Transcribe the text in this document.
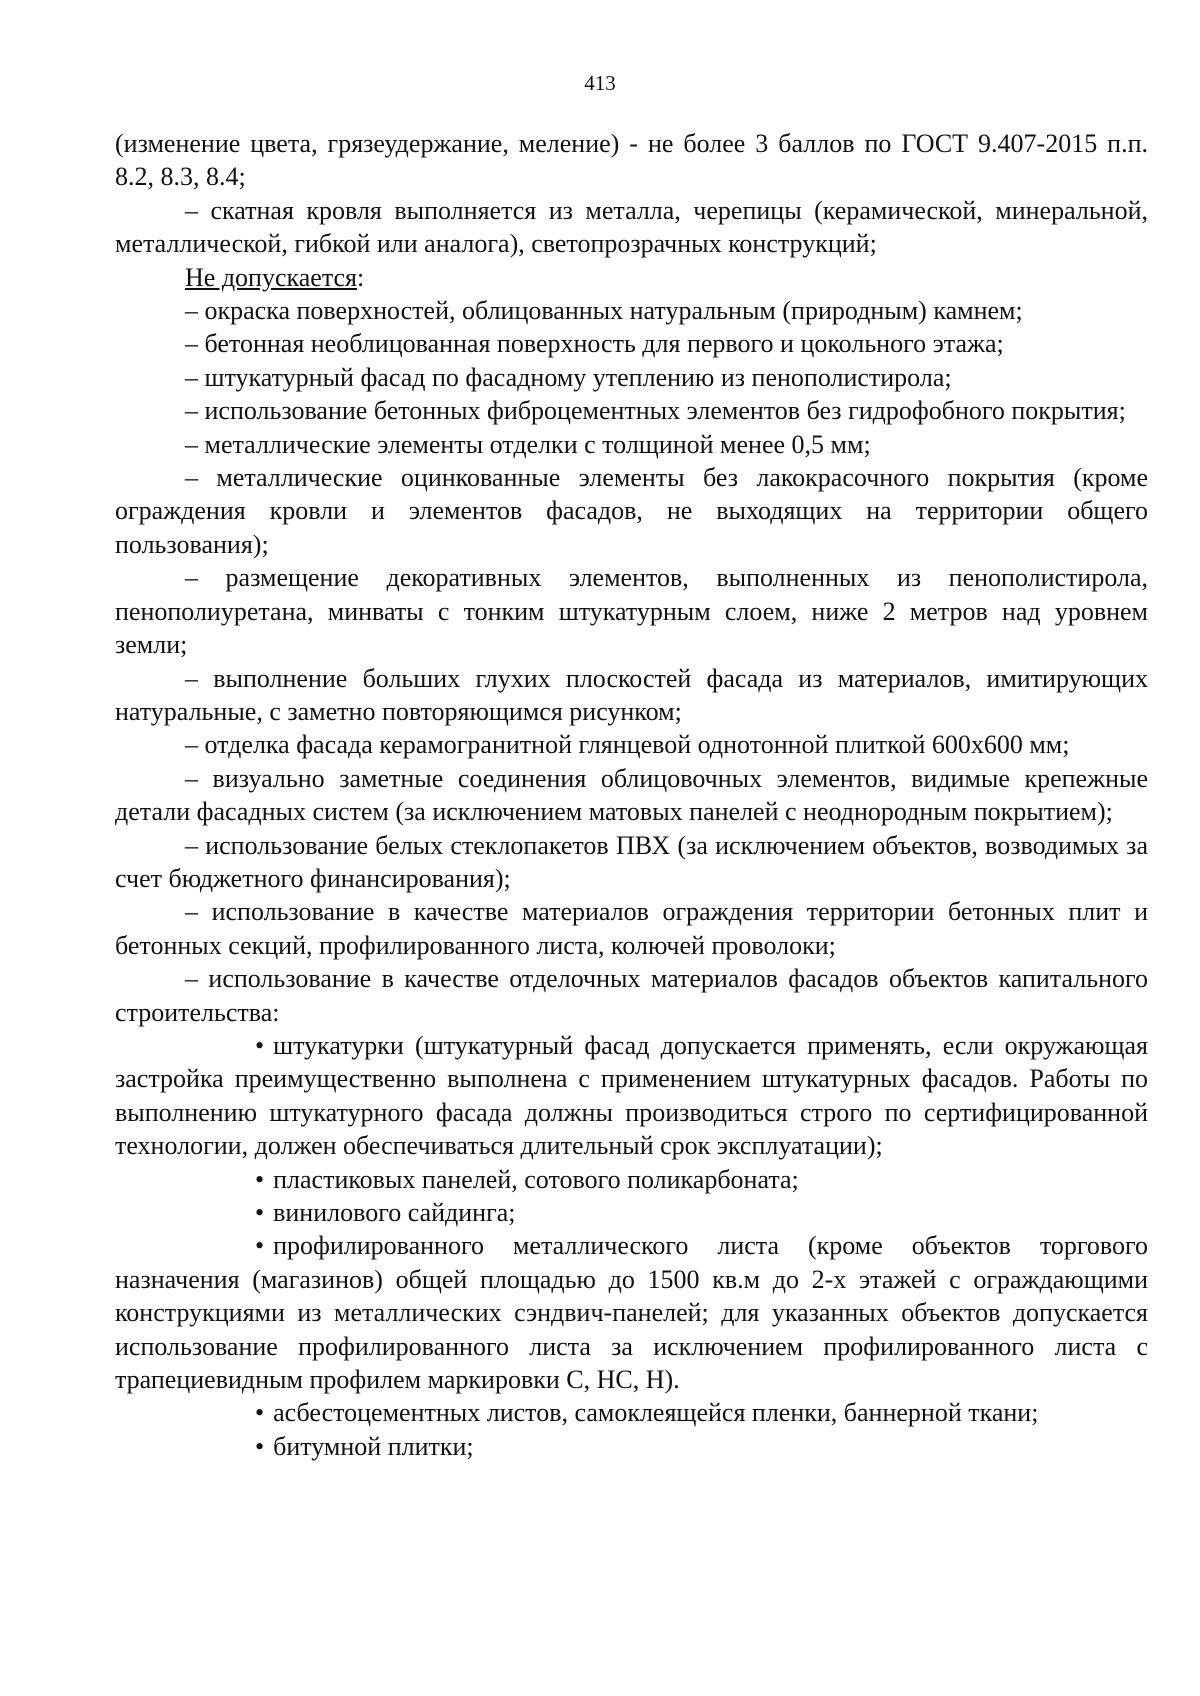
413

(изменение цвета, грязеудержание, меление) - не более 3 баллов по ГОСТ 9.407-2015 п.п. 8.2, 8.3, 8.4;

– скатная кровля выполняется из металла, черепицы (керамической, минеральной, металлической, гибкой или аналога), светопрозрачных конструкций;

Не допускается:

– окраска поверхностей, облицованных натуральным (природным) камнем;

– бетонная необлицованная поверхность для первого и цокольного этажа;

– штукатурный фасад по фасадному утеплению из пенополистирола;

– использование бетонных фиброцементных элементов без гидрофобного покрытия;

– металлические элементы отделки с толщиной менее 0,5 мм;

– металлические оцинкованные элементы без лакокрасочного покрытия (кроме ограждения кровли и элементов фасадов, не выходящих на территории общего пользования);

– размещение декоративных элементов, выполненных из пенополистирола, пенополиуретана, минваты с тонким штукатурным слоем, ниже 2 метров над уровнем земли;

– выполнение больших глухих плоскостей фасада из материалов, имитирующих натуральные, с заметно повторяющимся рисунком;

– отделка фасада керамогранитной глянцевой однотонной плиткой 600x600 мм;

– визуально заметные соединения облицовочных элементов, видимые крепежные детали фасадных систем (за исключением матовых панелей с неоднородным покрытием);

– использование белых стеклопакетов ПВХ (за исключением объектов, возводимых за счет бюджетного финансирования);

– использование в качестве материалов ограждения территории бетонных плит и бетонных секций, профилированного листа, колючей проволоки;

– использование в качестве отделочных материалов фасадов объектов капитального строительства:

• штукатурки (штукатурный фасад допускается применять, если окружающая застройка преимущественно выполнена с применением штукатурных фасадов. Работы по выполнению штукатурного фасада должны производиться строго по сертифицированной технологии, должен обеспечиваться длительный срок эксплуатации);

• пластиковых панелей, сотового поликарбоната;

• винилового сайдинга;

• профилированного металлического листа (кроме объектов торгового назначения (магазинов) общей площадью до 1500 кв.м до 2-х этажей с ограждающими конструкциями из металлических сэндвич-панелей; для указанных объектов допускается использование профилированного листа за исключением профилированного листа с трапециевидным профилем маркировки С, НС, Н).

• асбестоцементных листов, самоклеящейся пленки, баннерной ткани;

• битумной плитки;
